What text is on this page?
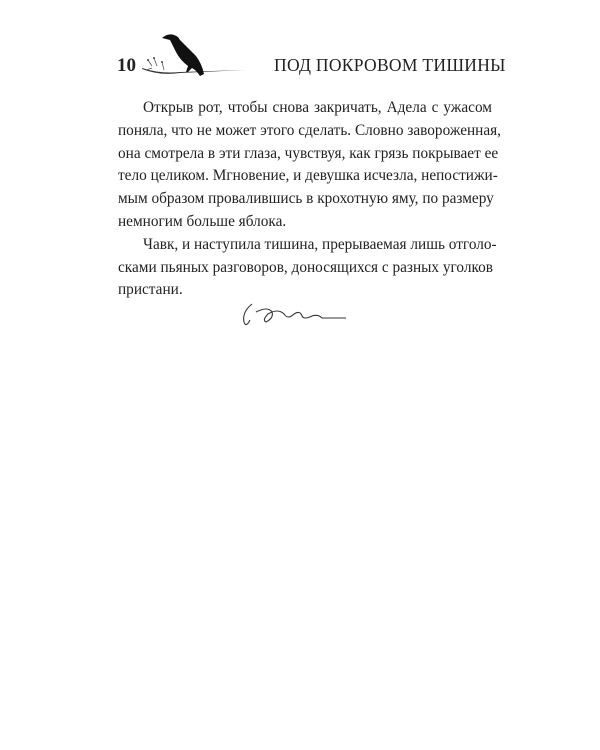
10	ПОД ПОКРОВОМ ТИШИНЫ
Открыв рот, чтобы снова закричать, Адела с ужасом
поняла, что не может этого сделать. Словно завороженная,
она смотрела в эти глаза, чувствуя, как грязь покрывает ее
тело целиком. Мгновение, и девушка исчезла, непостижи-
мым образом провалившись в крохотную яму, по размеру
немногим больше яблока.
Чавк, и наступила тишина, прерываемая лишь отголо-
сками пьяных разговоров, доносящихся с разных уголков
пристани.
